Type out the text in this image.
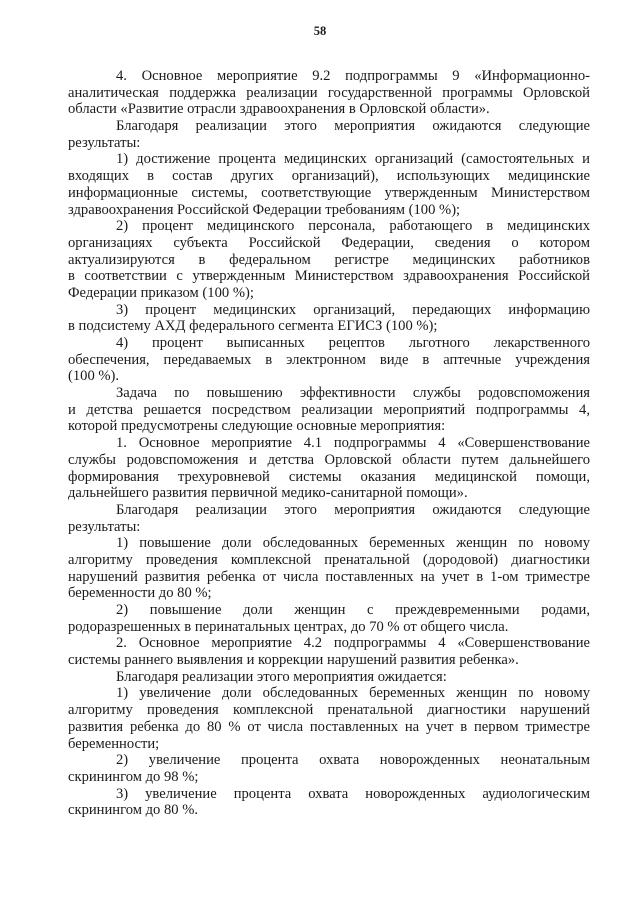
58
4. Основное мероприятие 9.2 подпрограммы 9 «Информационно-
аналитическая поддержка реализации государственной программы Орловской
области «Развитие отрасли здравоохранения в Орловской области».
Благодаря реализации этого мероприятия ожидаются следующие
результаты:
1) достижение процента медицинских организаций (самостоятельных и
входящих в состав других организаций), использующих медицинские
информационные системы, соответствующие утвержденным Министерством
здравоохранения Российской Федерации требованиям (100 %);
2) процент медицинского персонала, работающего в медицинских
организациях субъекта Российской Федерации, сведения о котором
актуализируются в федеральном регистре медицинских работников
в соответствии с утвержденным Министерством здравоохранения Российской
Федерации приказом (100 %);
3) процент медицинских организаций, передающих информацию
в подсистему АХД федерального сегмента ЕГИСЗ (100 %);
4) процент выписанных рецептов льготного лекарственного
обеспечения, передаваемых в электронном виде в аптечные учреждения
(100 %).
Задача по повышению эффективности службы родовспоможения
и детства решается посредством реализации мероприятий подпрограммы 4,
которой предусмотрены следующие основные мероприятия:
1. Основное мероприятие 4.1 подпрограммы 4 «Совершенствование
службы родовспоможения и детства Орловской области путем дальнейшего
формирования трехуровневой системы оказания медицинской помощи,
дальнейшего развития первичной медико-санитарной помощи».
Благодаря реализации этого мероприятия ожидаются следующие
результаты:
1) повышение доли обследованных беременных женщин по новому
алгоритму проведения комплексной пренатальной (дородовой) диагностики
нарушений развития ребенка от числа поставленных на учет в 1-ом триместре
беременности до 80 %;
2) повышение доли женщин с преждевременными родами,
родоразрешенных в перинатальных центрах, до 70 % от общего числа.
2. Основное мероприятие 4.2 подпрограммы 4 «Совершенствование
системы раннего выявления и коррекции нарушений развития ребенка».
Благодаря реализации этого мероприятия ожидается:
1) увеличение доли обследованных беременных женщин по новому
алгоритму проведения комплексной пренатальной диагностики нарушений
развития ребенка до 80 % от числа поставленных на учет в первом триместре
беременности;
2) увеличение процента охвата новорожденных неонатальным
скринингом до 98 %;
3) увеличение процента охвата новорожденных аудиологическим
скринингом до 80 %.
